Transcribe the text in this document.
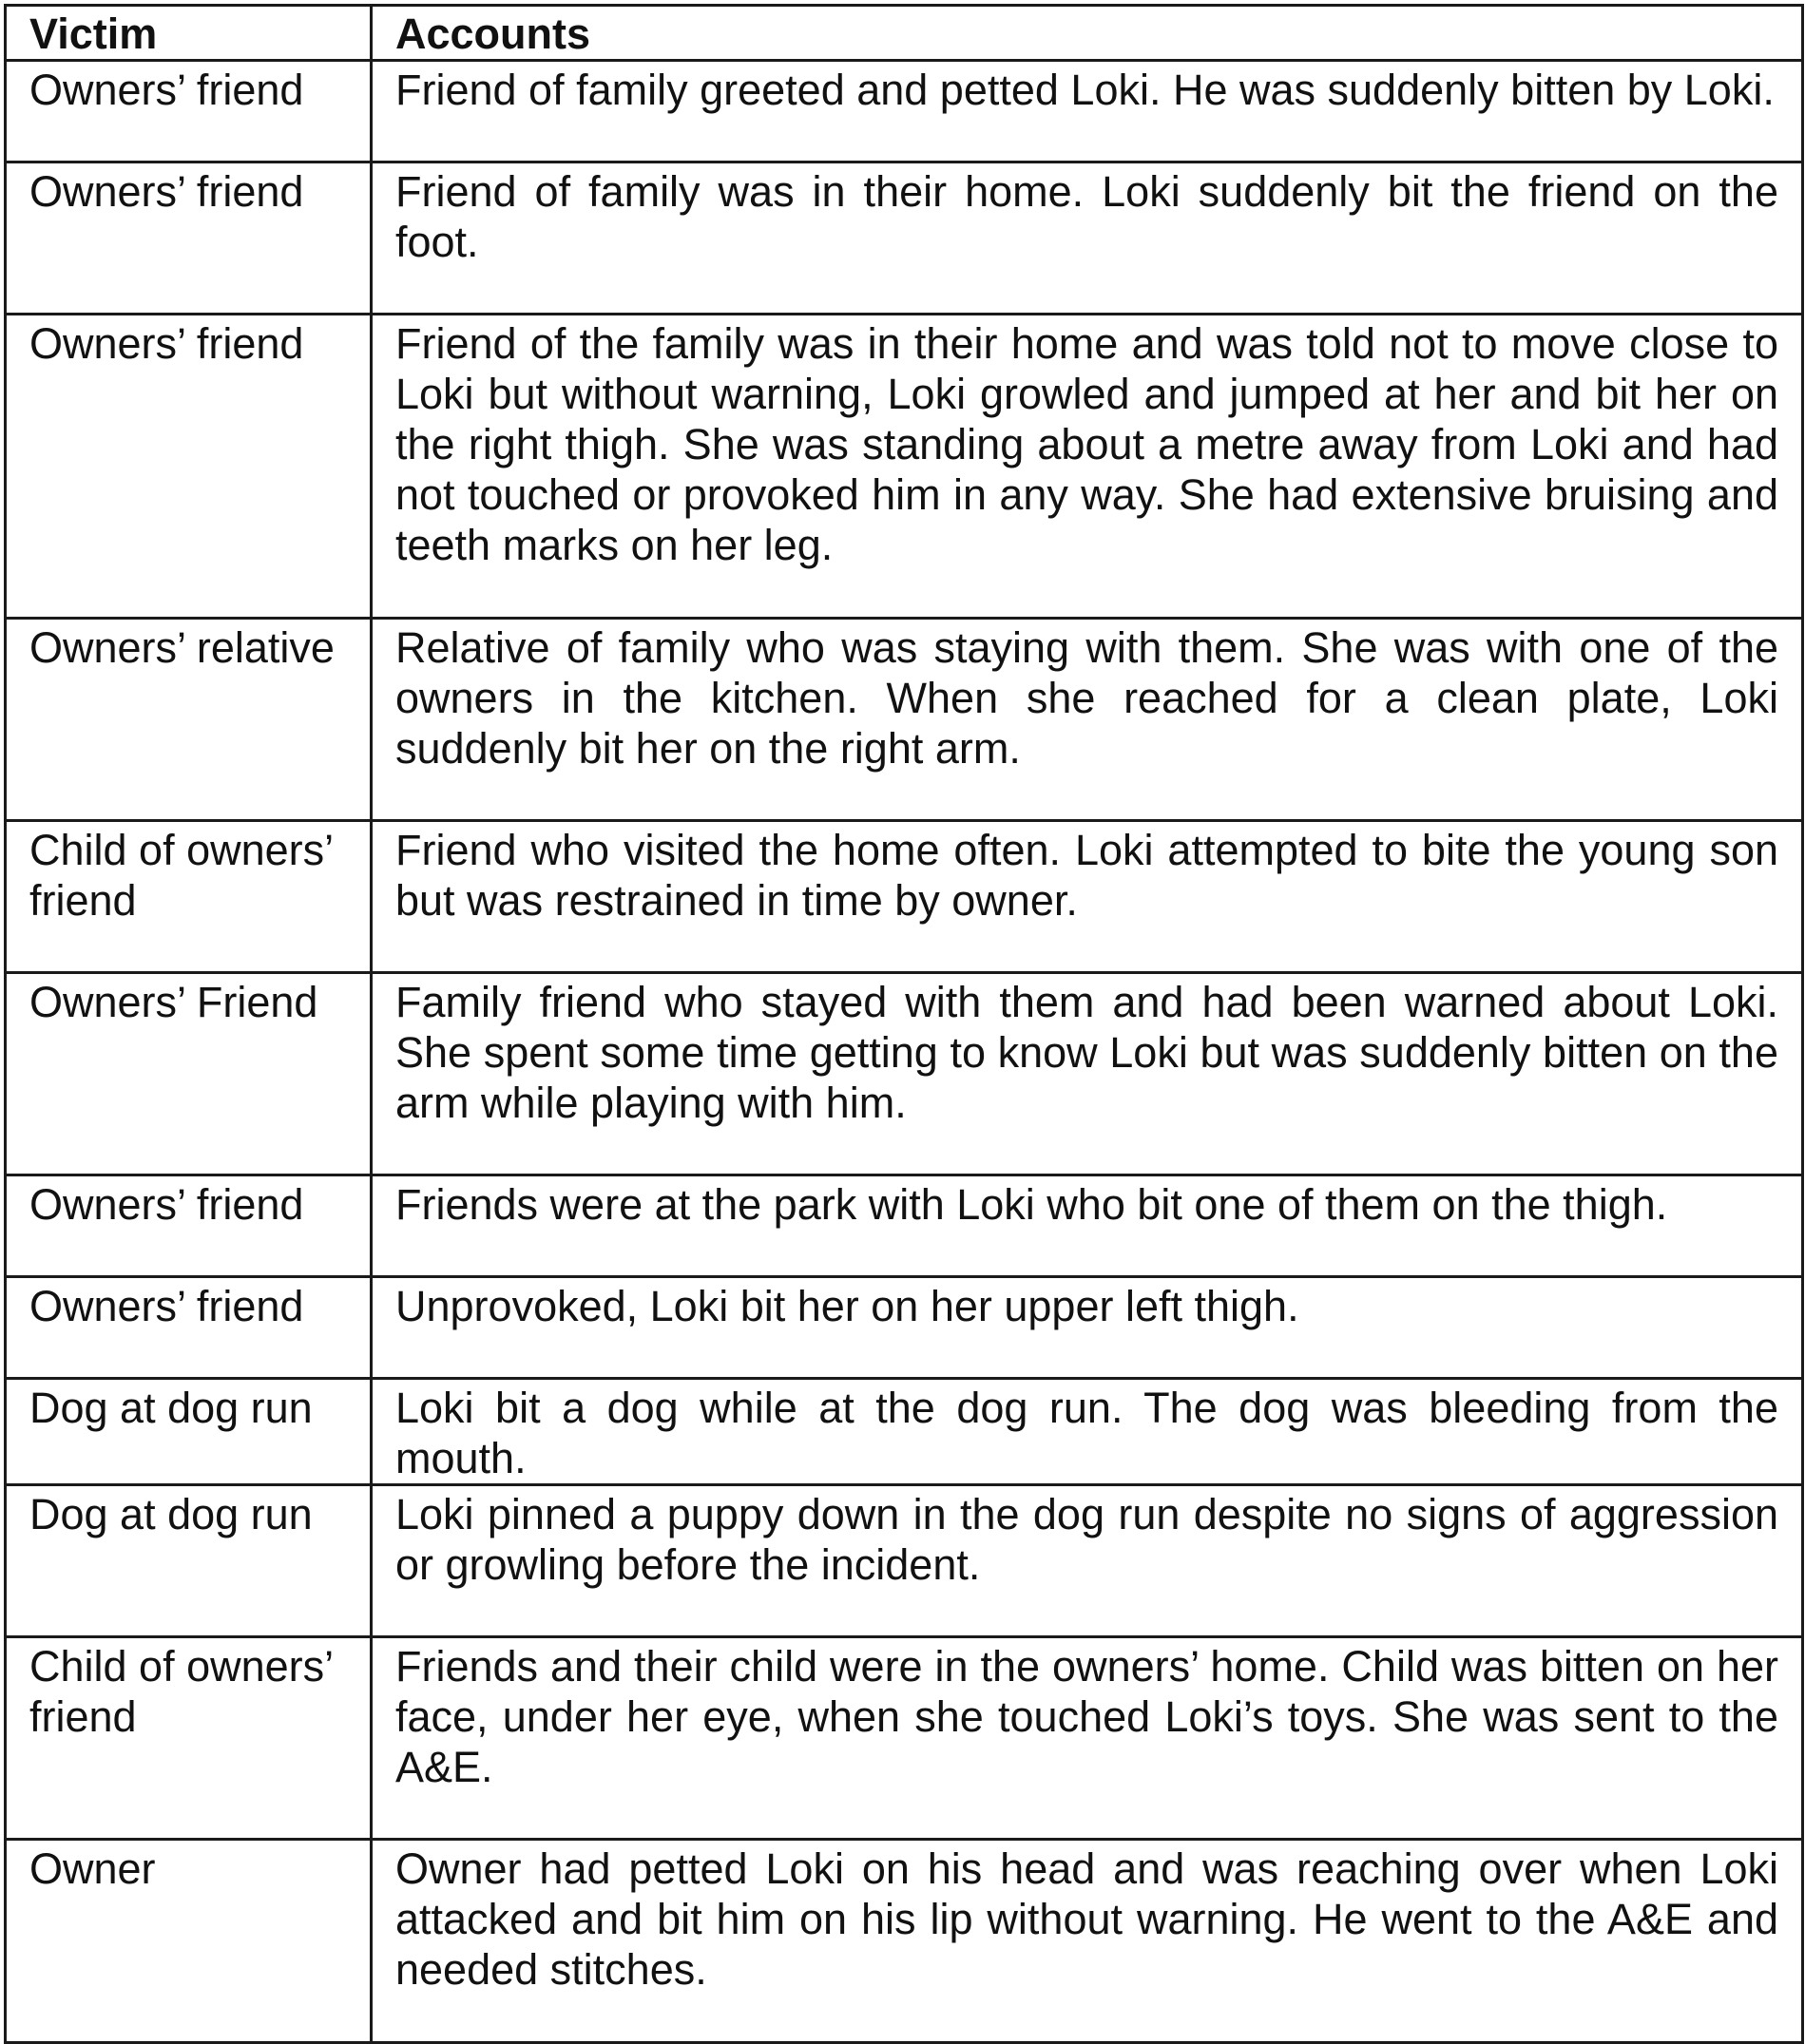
Victim	Accounts
Owners’ friend	Friend of family greeted and petted Loki. He was suddenly bitten by Loki.
Owners’ friend	Friend of family was in their home. Loki suddenly bit the friend on the foot.
Owners’ friend	Friend of the family was in their home and was told not to move close to Loki but without warning, Loki growled and jumped at her and bit her on the right thigh. She was standing about a metre away from Loki and had not touched or provoked him in any way. She had extensive bruising and teeth marks on her leg.
Owners’ relative	Relative of family who was staying with them. She was with one of the owners in the kitchen. When she reached for a clean plate, Loki suddenly bit her on the right arm.
Child of owners’ friend	Friend who visited the home often. Loki attempted to bite the young son but was restrained in time by owner.
Owners’ Friend	Family friend who stayed with them and had been warned about Loki. She spent some time getting to know Loki but was suddenly bitten on the arm while playing with him.
Owners’ friend	Friends were at the park with Loki who bit one of them on the thigh.
Owners’ friend	Unprovoked, Loki bit her on her upper left thigh.
Dog at dog run	Loki bit a dog while at the dog run. The dog was bleeding from the mouth.
Dog at dog run	Loki pinned a puppy down in the dog run despite no signs of aggression or growling before the incident.
Child of owners’ friend	Friends and their child were in the owners’ home. Child was bitten on her face, under her eye, when she touched Loki’s toys. She was sent to the A&E.
Owner	Owner had petted Loki on his head and was reaching over when Loki attacked and bit him on his lip without warning. He went to the A&E and needed stitches.
